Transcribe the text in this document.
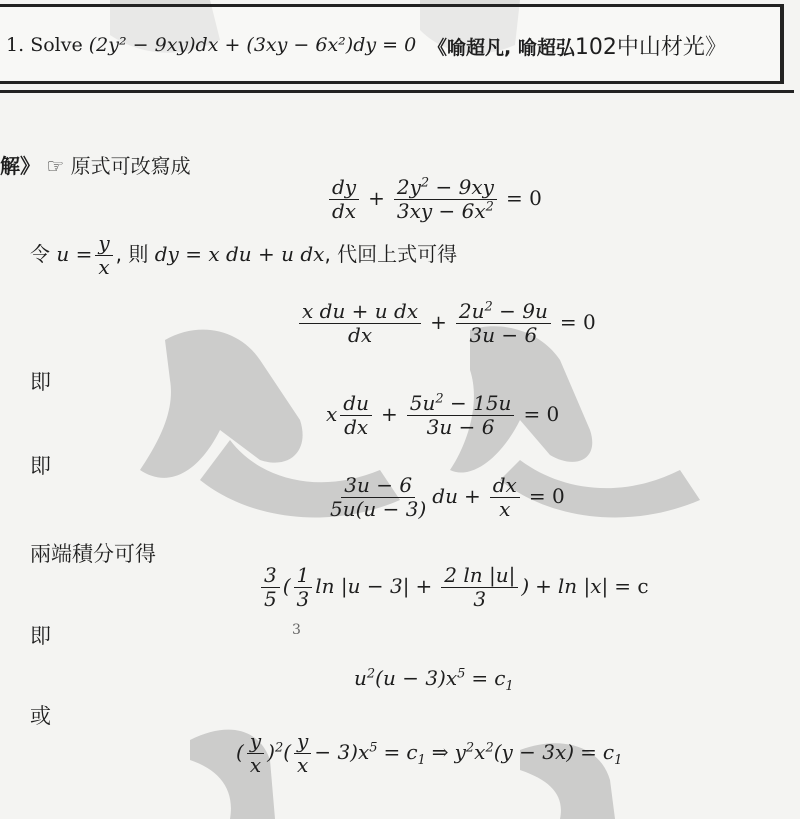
1. Solve (2y² − 9xy)dx + (3xy − 6x²)dy = 0 《喻超凡, 喻超弘102中山材光》
解》 ☞ 原式可改寫成
$\frac{dy}{dx} + \frac{2y^2 - 9xy}{3xy - 6x^2} = 0$
令 $u = \frac{y}{x}$ , 則 dy = x du + u dx, 代回上式可得
$\frac{\text{x du + u dx}}{dx} + \frac{2u^2 - 9u}{3u - 6} = 0$
即
x $\frac{du}{dx} + \frac{5u^2 - 15u}{3u - 6} = 0$
即
$\frac{3u - 6}{5u(u - 3)}$ du + $\frac{dx}{x} = 0$
兩端積分可得
$\frac{3}{5}$ ( $\frac{1}{3}$ $\ln |u - 3| + \frac{2 \ln |u|}{3}$ ) + ln |x| = c
3
即
$u^2(u - 3)x^5 = c_1$
或
( $\frac{y}{x} )^2( \frac{y}{x} - 3)x^5 = c_1$ ⇒ $y^2x^2(y - 3x) = c_1$
